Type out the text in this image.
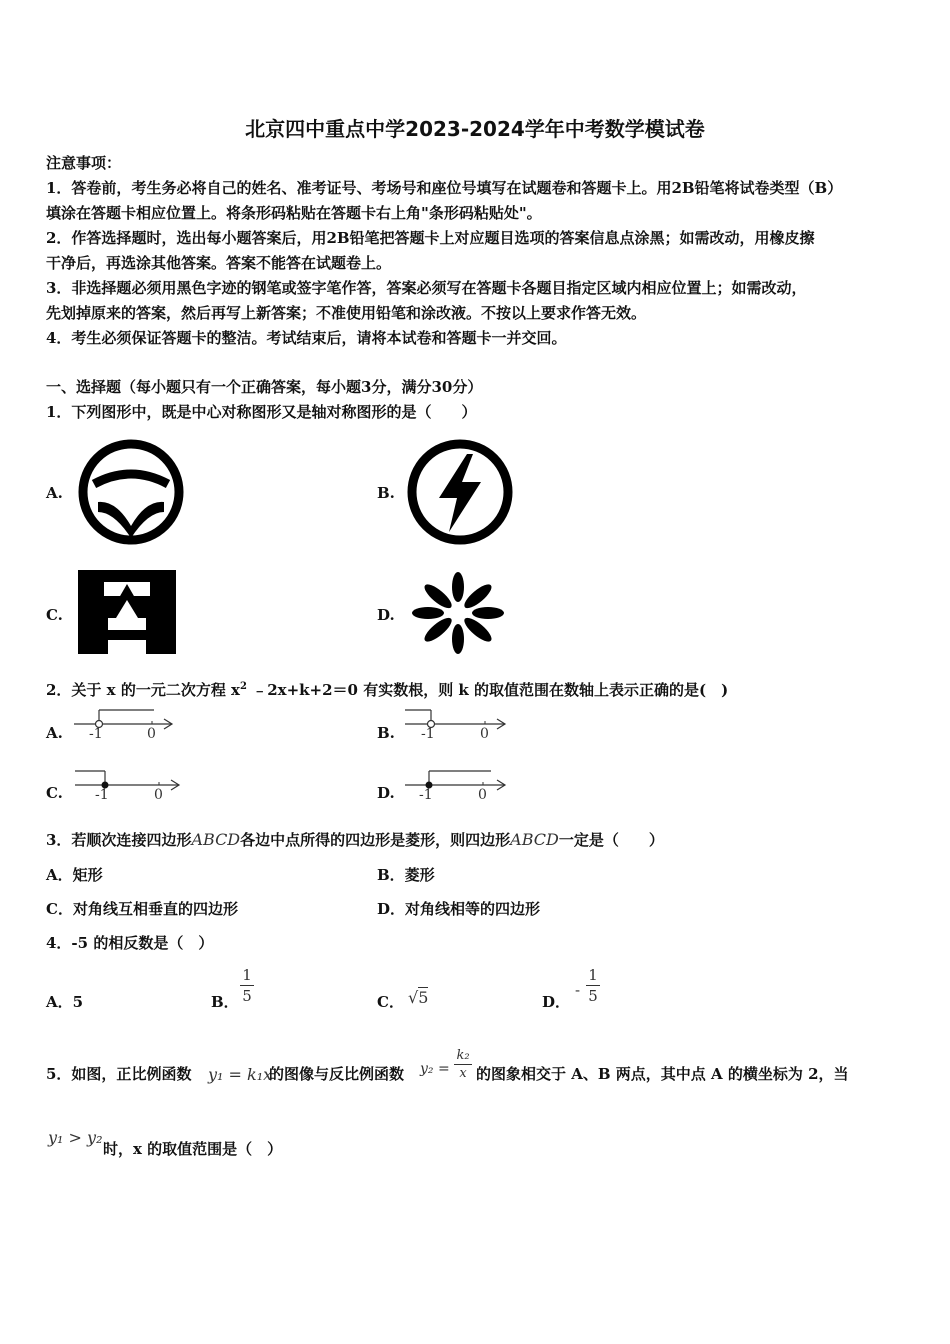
北京四中重点中学2023-2024学年中考数学模试卷
注意事项：
1．答卷前，考生务必将自己的姓名、准考证号、考场号和座位号填写在试题卷和答题卡上。用2B铅笔将试卷类型（B）
填涂在答题卡相应位置上。将条形码粘贴在答题卡右上角"条形码粘贴处"。
2．作答选择题时，选出每小题答案后，用2B铅笔把答题卡上对应题目选项的答案信息点涂黑；如需改动，用橡皮擦
干净后，再选涂其他答案。答案不能答在试题卷上。
3．非选择题必须用黑色字迹的钢笔或签字笔作答，答案必须写在答题卡各题目指定区域内相应位置上；如需改动，
先划掉原来的答案，然后再写上新答案；不准使用铅笔和涂改液。不按以上要求作答无效。
4．考生必须保证答题卡的整洁。考试结束后，请将本试卷和答题卡一并交回。
一、选择题（每小题只有一个正确答案，每小题3分，满分30分）
1．下列图形中，既是中心对称图形又是轴对称图形的是（　　）
A.	B.
C.	D.
2．关于 x 的一元二次方程 $x^2$ ﹣2x+k+2＝0 有实数根，则 k 的取值范围在数轴上表示正确的是(　)
A.	B.
C.	D.
-1	0	-1	0
-1	0	-1	0
3．若顺次连接四边形ABCD各边中点所得的四边形是菱形，则四边形ABCD一定是（　　）
A．矩形	B．菱形
C．对角线互相垂直的四边形	D．对角线相等的四边形
4．-5 的相反数是（　）
A．5	B．
1
5	C． √5	D．
-
1
5
5．如图，正比例函数 y₁ = k₁x
的图像与反比例函数 y₂ =
k₂
x 的图象相交于 A、B 两点，其中点 A 的横坐标为 2，当
y₁ > y₂
时，x 的取值范围是（　）
